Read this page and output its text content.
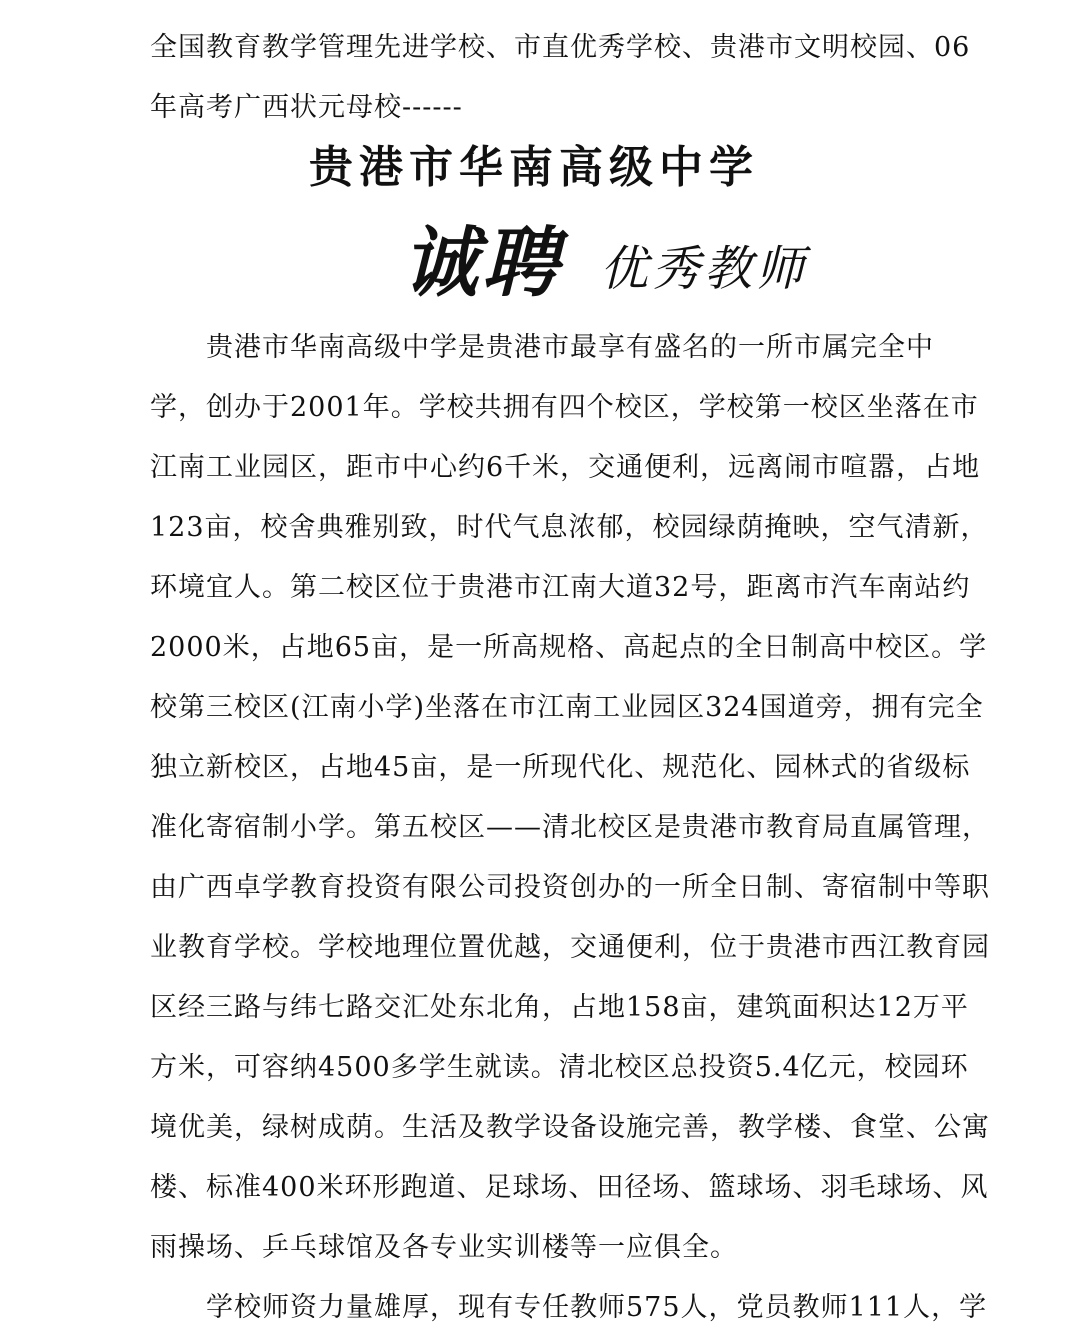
全国教育教学管理先进学校、市直优秀学校、贵港市文明校园、06
年高考广西状元母校------
贵港市华南高级中学
诚聘 优秀教师
　　贵港市华南高级中学是贵港市最享有盛名的一所市属完全中
学，创办于2001年。学校共拥有四个校区，学校第一校区坐落在市
江南工业园区，距市中心约6千米，交通便利，远离闹市喧嚣，占地
123亩，校舍典雅别致，时代气息浓郁，校园绿荫掩映，空气清新，
环境宜人。第二校区位于贵港市江南大道32号，距离市汽车南站约
2000米，占地65亩，是一所高规格、高起点的全日制高中校区。学
校第三校区(江南小学)坐落在市江南工业园区324国道旁，拥有完全
独立新校区，占地45亩，是一所现代化、规范化、园林式的省级标
准化寄宿制小学。第五校区——清北校区是贵港市教育局直属管理，
由广西卓学教育投资有限公司投资创办的一所全日制、寄宿制中等职
业教育学校。学校地理位置优越，交通便利，位于贵港市西江教育园
区经三路与纬七路交汇处东北角，占地158亩，建筑面积达12万平
方米，可容纳4500多学生就读。清北校区总投资5.4亿元，校园环
境优美，绿树成荫。生活及教学设备设施完善，教学楼、食堂、公寓
楼、标准400米环形跑道、足球场、田径场、篮球场、羽毛球场、风
雨操场、乒乓球馆及各专业实训楼等一应俱全。
　　学校师资力量雄厚，现有专任教师575人，党员教师111人，学
